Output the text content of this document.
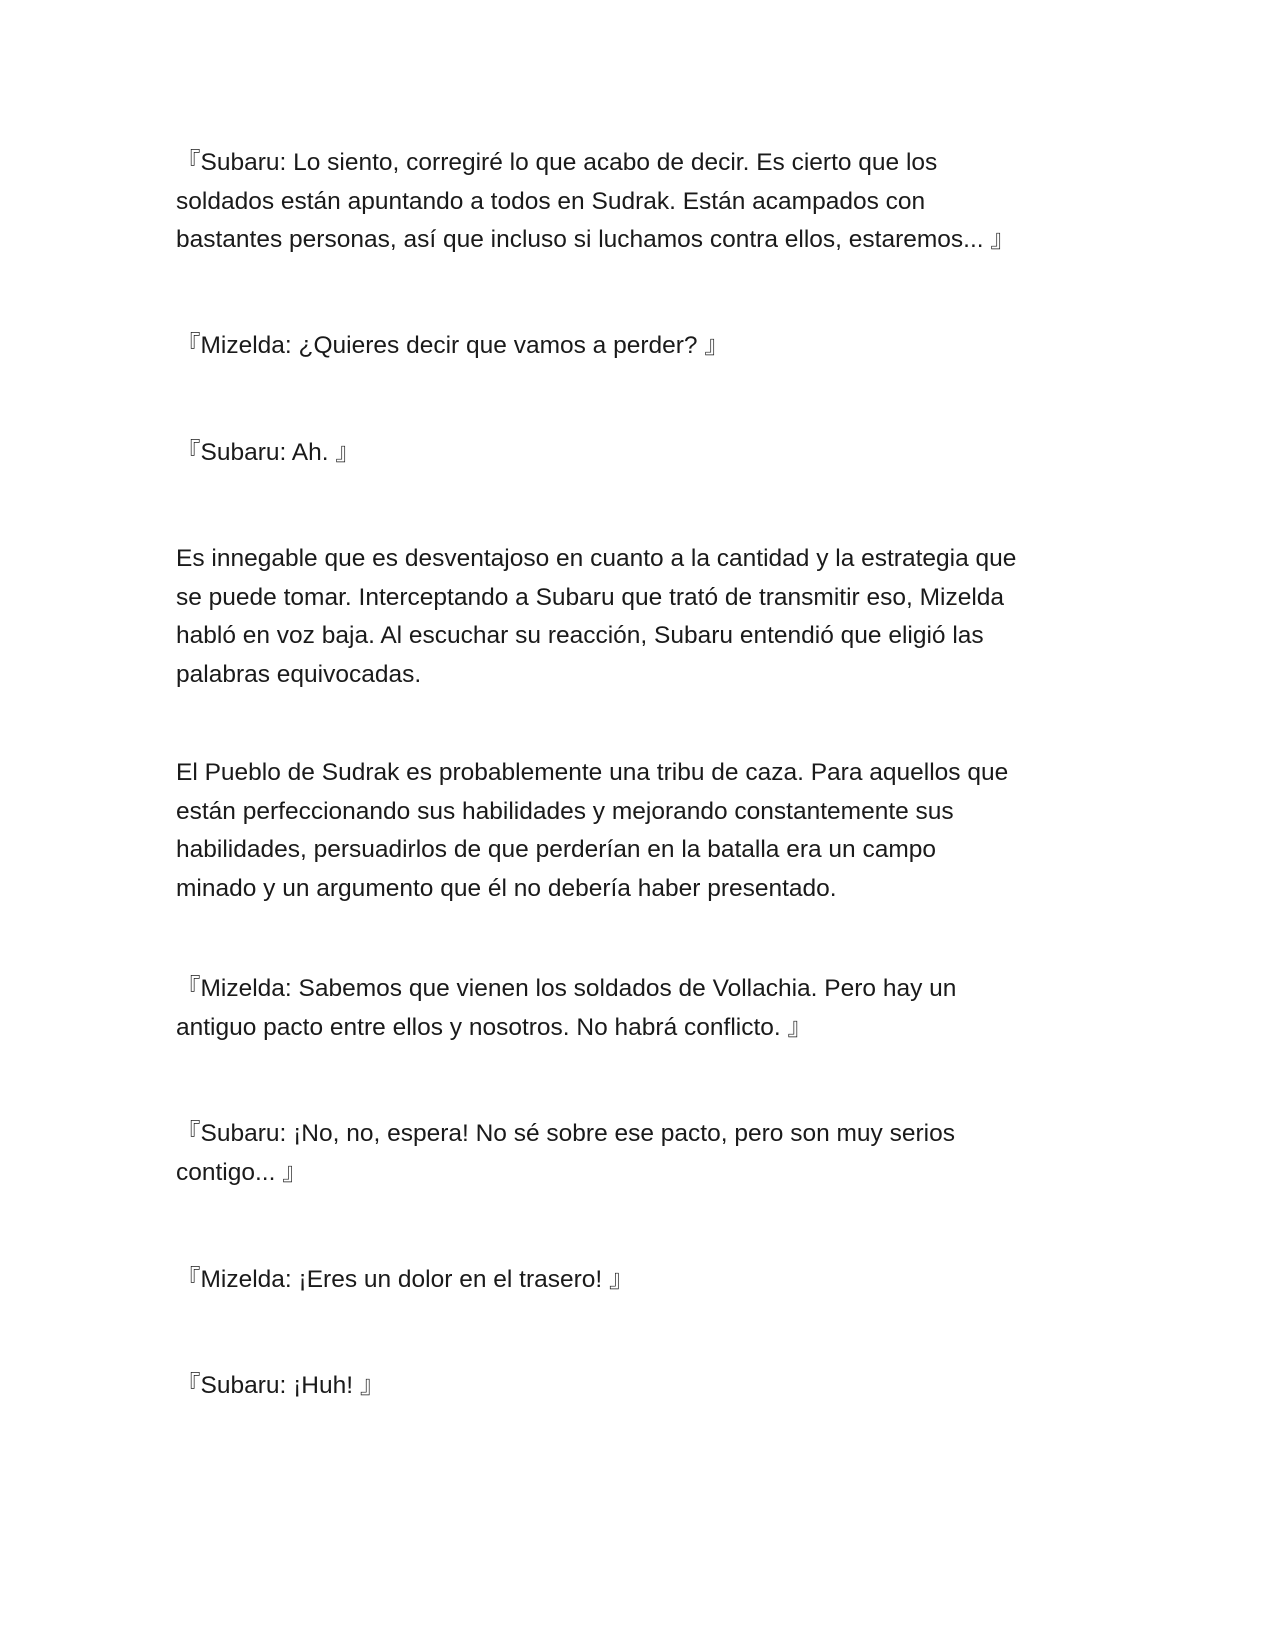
『Subaru: Lo siento, corregiré lo que acabo de decir. Es cierto que los
soldados están apuntando a todos en Sudrak. Están acampados con
bastantes personas, así que incluso si luchamos contra ellos, estaremos... 』

『Mizelda: ¿Quieres decir que vamos a perder? 』

『Subaru: Ah. 』

Es innegable que es desventajoso en cuanto a la cantidad y la estrategia que
se puede tomar. Interceptando a Subaru que trató de transmitir eso, Mizelda
habló en voz baja. Al escuchar su reacción, Subaru entendió que eligió las
palabras equivocadas.

El Pueblo de Sudrak es probablemente una tribu de caza. Para aquellos que
están perfeccionando sus habilidades y mejorando constantemente sus
habilidades, persuadirlos de que perderían en la batalla era un campo
minado y un argumento que él no debería haber presentado.

『Mizelda: Sabemos que vienen los soldados de Vollachia. Pero hay un
antiguo pacto entre ellos y nosotros. No habrá conflicto. 』

『Subaru: ¡No, no, espera! No sé sobre ese pacto, pero son muy serios
contigo... 』

『Mizelda: ¡Eres un dolor en el trasero! 』

『Subaru: ¡Huh! 』
